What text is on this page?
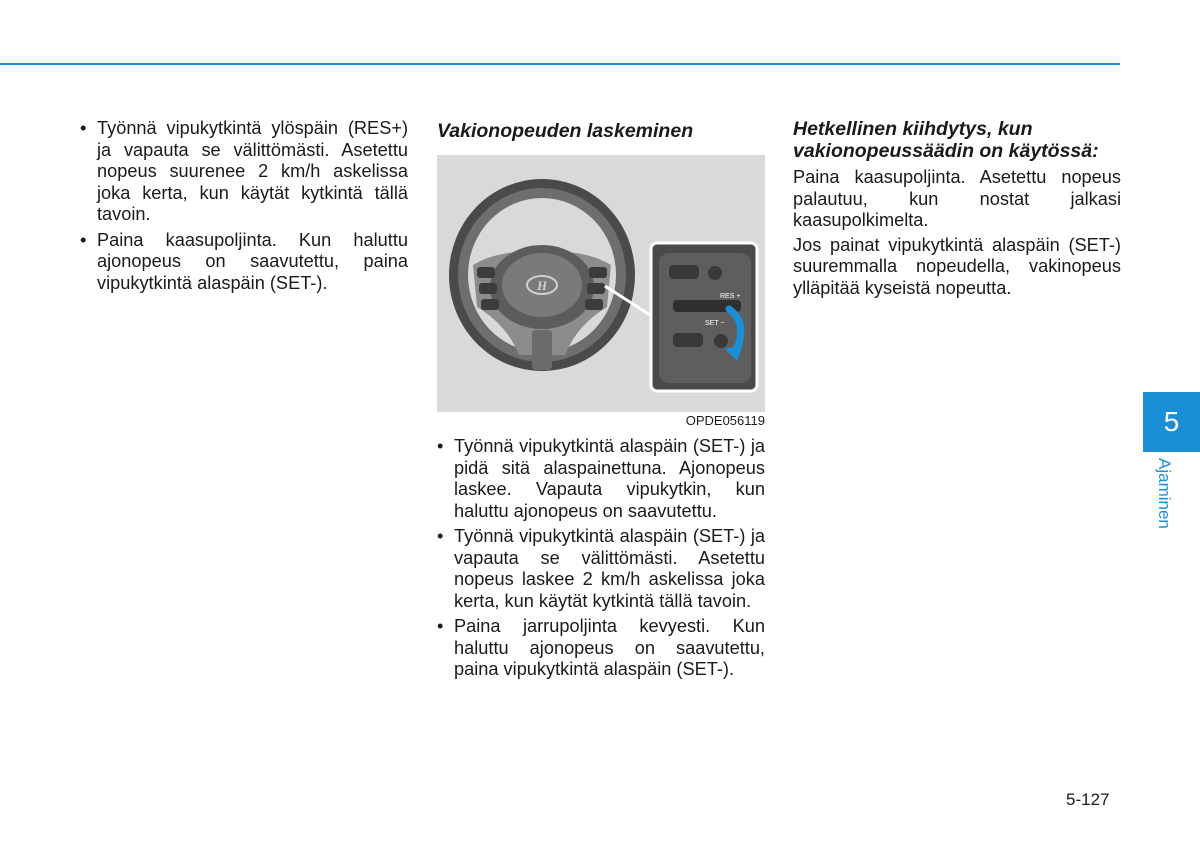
• Työnnä vipukytkintä ylöspäin (RES+) ja vapauta se välittömästi. Asetettu nopeus suurenee 2 km/h askelissa joka kerta, kun käytät kytkintä tällä tavoin.
• Paina kaasupoljinta. Kun haluttu ajonopeus on saavutettu, paina vipukytkintä alaspäin (SET-).
Vakionopeuden laskeminen
H
RES +
SET −
OPDE056119
• Työnnä vipukytkintä alaspäin (SET-) ja pidä sitä alaspainettuna. Ajonopeus laskee. Vapauta vipukytkin, kun haluttu ajonopeus on saavutettu.
• Työnnä vipukytkintä alaspäin (SET-) ja vapauta se välittömästi. Asetettu nopeus laskee 2 km/h askelissa joka kerta, kun käytät kytkintä tällä tavoin.
• Paina jarrupoljinta kevyesti. Kun haluttu ajonopeus on saavutettu, paina vipukytkintä alaspäin (SET-).
Hetkellinen kiihdytys, kun vakionopeussäädin on käytössä:

Paina kaasupoljinta. Asetettu nopeus palautuu, kun nostat jalkasi kaasupolkimelta.

Jos painat vipukytkintä alaspäin (SET-) suuremmalla nopeudella, vakinopeus ylläpitää kyseistä nopeutta.

5
Ajaminen
5-127
